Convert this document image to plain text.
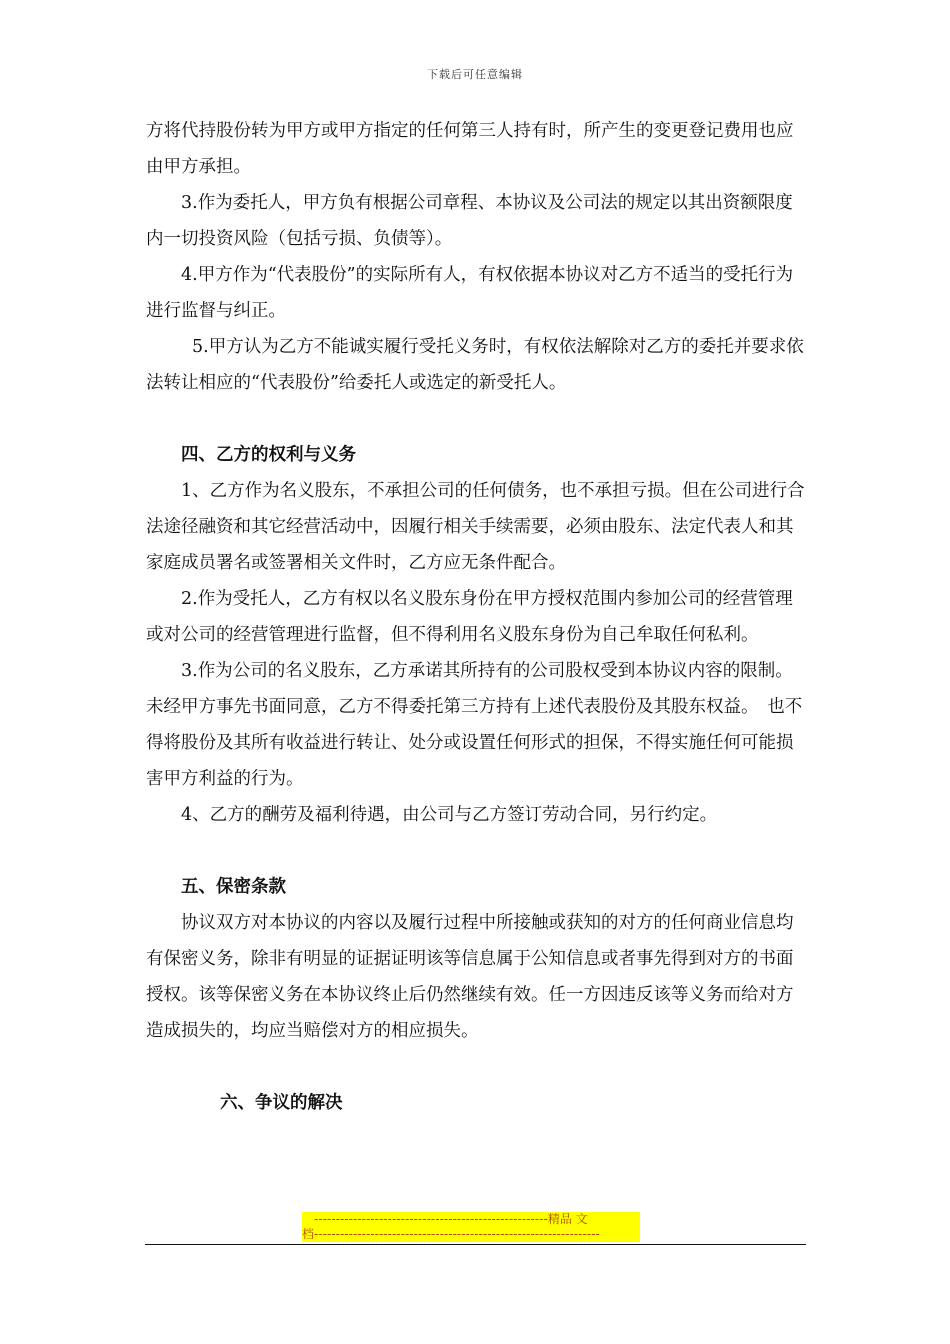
下载后可任意编辑

方将代持股份转为甲方或甲方指定的任何第三人持有时，所产生的变更登记费用也应由甲方承担。

3.作为委托人，甲方负有根据公司章程、本协议及公司法的规定以其出资额限度内一切投资风险（包括亏损、负债等）。

4.甲方作为“代表股份”的实际所有人，有权依据本协议对乙方不适当的受托行为进行监督与纠正。

5.甲方认为乙方不能诚实履行受托义务时，有权依法解除对乙方的委托并要求依法转让相应的“代表股份”给委托人或选定的新受托人。

四、乙方的权利与义务

1、乙方作为名义股东，不承担公司的任何债务，也不承担亏损。但在公司进行合法途径融资和其它经营活动中，因履行相关手续需要，必须由股东、法定代表人和其家庭成员署名或签署相关文件时，乙方应无条件配合。

2.作为受托人，乙方有权以名义股东身份在甲方授权范围内参加公司的经营管理或对公司的经营管理进行监督，但不得利用名义股东身份为自己牟取任何私利。

3.作为公司的名义股东，乙方承诺其所持有的公司股权受到本协议内容的限制。未经甲方事先书面同意，乙方不得委托第三方持有上述代表股份及其股东权益。　也不得将股份及其所有收益进行转让、处分或设置任何形式的担保，不得实施任何可能损害甲方利益的行为。

4、乙方的酬劳及福利待遇，由公司与乙方签订劳动合同，另行约定。

五、保密条款

协议双方对本协议的内容以及履行过程中所接触或获知的对方的任何商业信息均有保密义务，除非有明显的证据证明该等信息属于公知信息或者事先得到对方的书面授权。该等保密义务在本协议终止后仍然继续有效。任一方因违反该等义务而给对方造成损失的，均应当赔偿对方的相应损失。

六、争议的解决

------------------------------------------------------精品 文
档------------------------------------------------------------------
